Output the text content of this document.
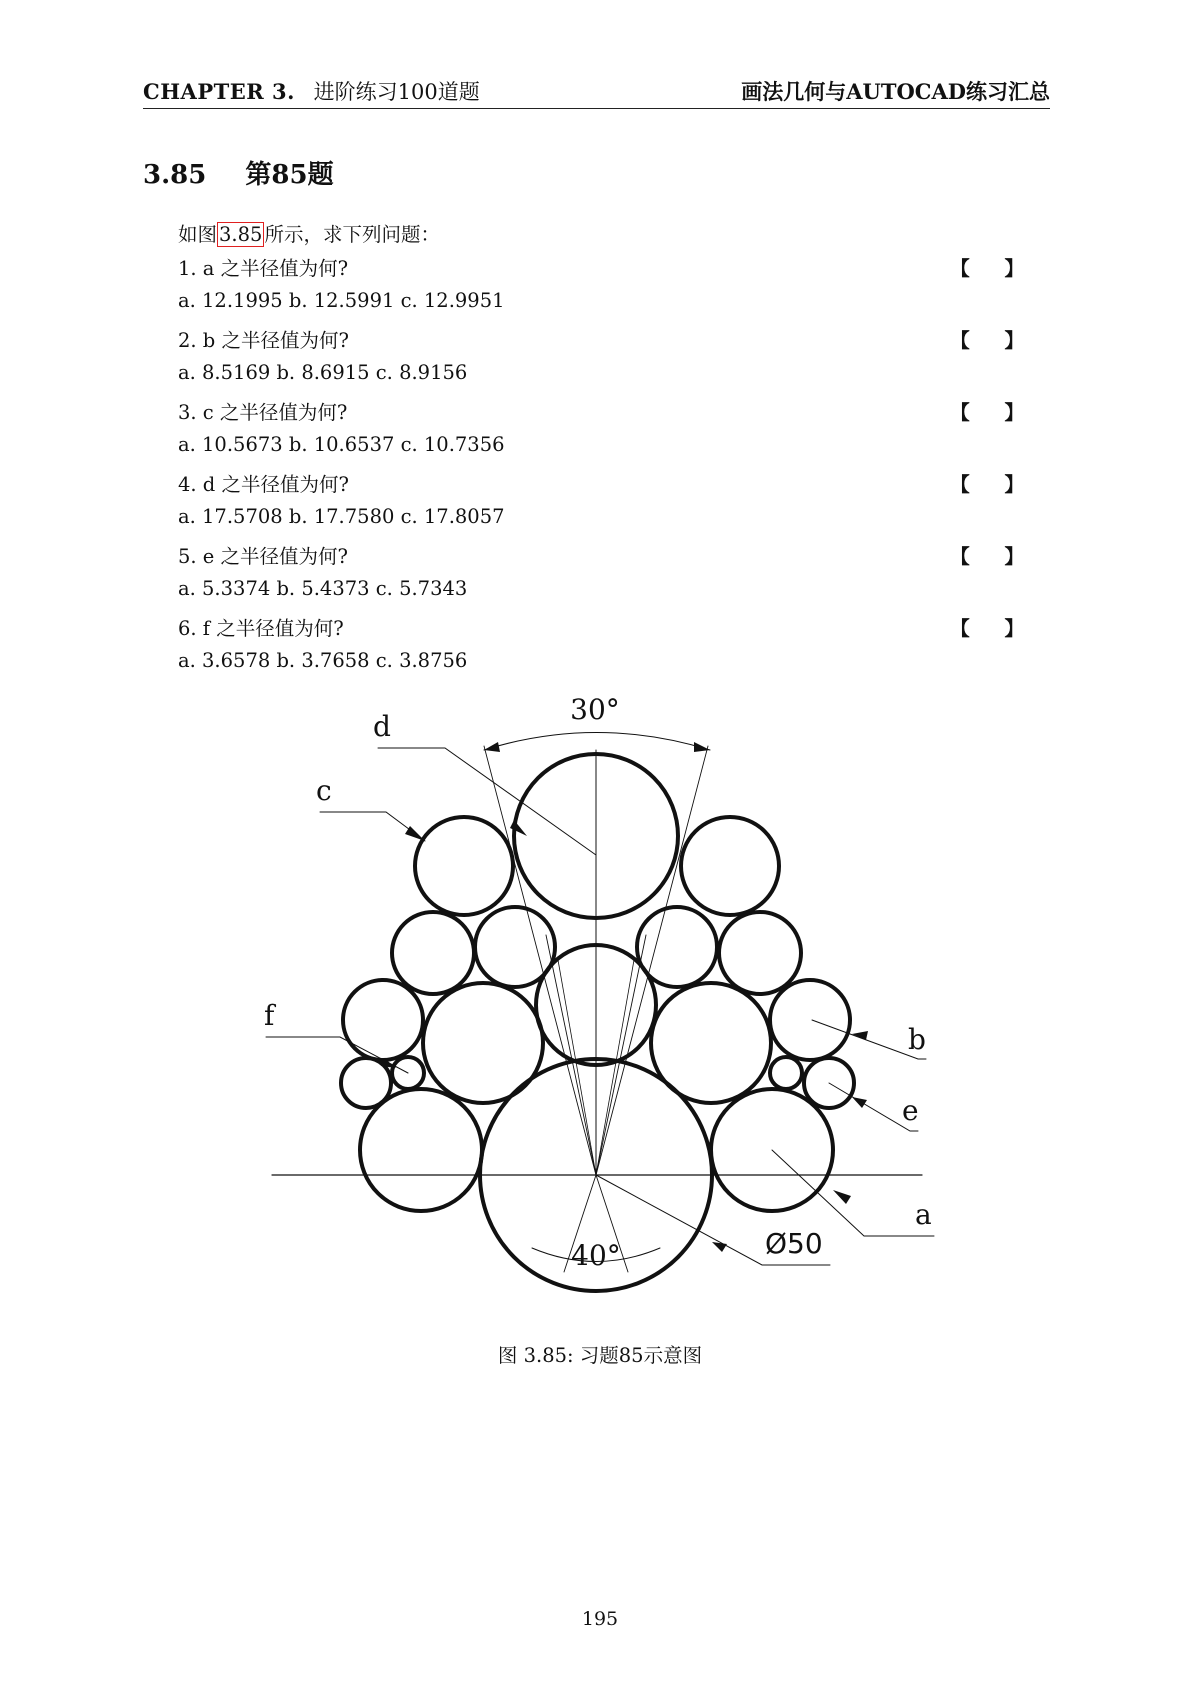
CHAPTER 3. 进阶练习100道题	画法几何与AUTOCAD练习汇总
3.85 第85题
如图 3.85 所示，求下列问题：
1. a 之半径值为何?	【 】
a. 12.1995 b. 12.5991 c. 12.9951
2. b 之半径值为何?	【 】
a. 8.5169 b. 8.6915 c. 8.9156
3. c 之半径值为何?	【 】
a. 10.5673 b. 10.6537 c. 10.7356
4. d 之半径值为何?	【 】
a. 17.5708 b. 17.7580 c. 17.8057
5. e 之半径值为何?	【 】
a. 5.3374 b. 5.4373 c. 5.7343
6. f 之半径值为何?	【 】
a. 3.6578 b. 3.7658 c. 3.8756
30°
40°	Ø50
d
c
f
b
e
a
图 3.85: 习题85示意图
195
